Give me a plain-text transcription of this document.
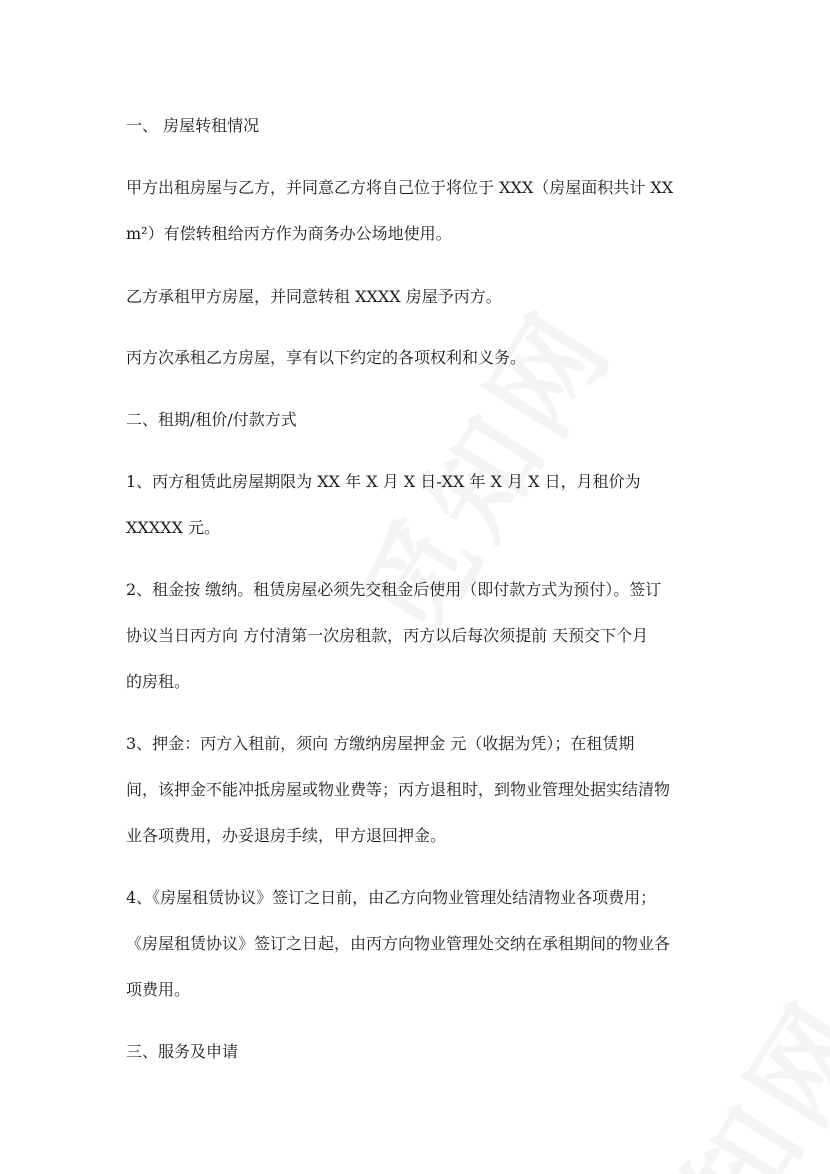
一、 房屋转租情况
甲方出租房屋与乙方，并同意乙方将自己位于将位于 XXX（房屋面积共计 XX
m²）有偿转租给丙方作为商务办公场地使用。
乙方承租甲方房屋，并同意转租 XXXX 房屋予丙方。
丙方次承租乙方房屋，享有以下约定的各项权利和义务。
二、租期/租价/付款方式
1、丙方租赁此房屋期限为 XX 年 X 月 X 日-XX 年 X 月 X 日，月租价为
XXXXX 元。
2、租金按 缴纳。租赁房屋必须先交租金后使用（即付款方式为预付）。签订
协议当日丙方向 方付清第一次房租款，丙方以后每次须提前 天预交下个月
的房租。
3、押金：丙方入租前，须向 方缴纳房屋押金 元（收据为凭）；在租赁期
间，该押金不能冲抵房屋或物业费等；丙方退租时，到物业管理处据实结清物
业各项费用，办妥退房手续，甲方退回押金。
4、《房屋租赁协议》签订之日前，由乙方向物业管理处结清物业各项费用；
《房屋租赁协议》签订之日起，由丙方向物业管理处交纳在承租期间的物业各
项费用。
三、服务及申请
